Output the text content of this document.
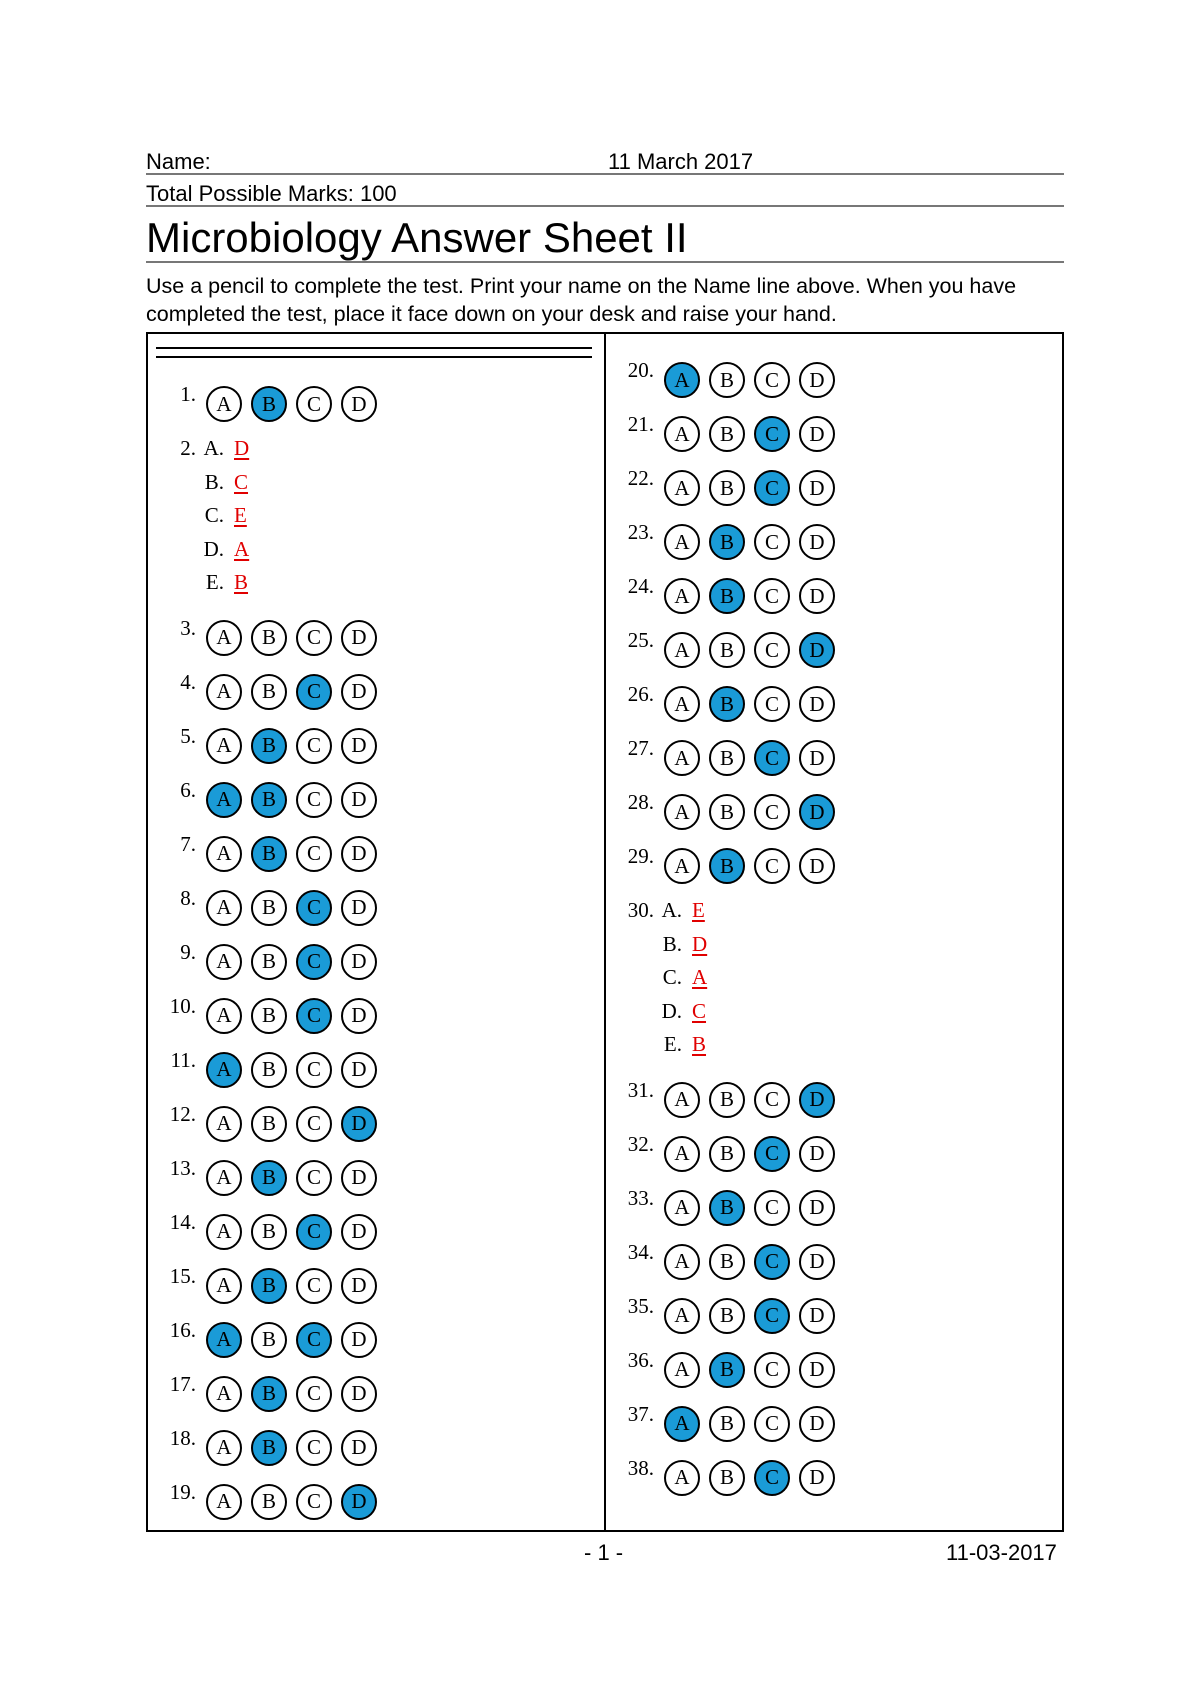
Name:	11 March 2017
Total Possible Marks: 100
Microbiology Answer Sheet II
Use a pencil to complete the test. Print your name on the Name line above. When you have completed the test, place it face down on your desk and raise your hand.
1. A	B	C	D
2. A. D
B. C
C. E
D. A
E. B
3. A	B	C	D
4. A	B	C	D
5. A	B	C	D
6. A	B	C	D
7. A	B	C	D
8. A	B	C	D
9. A	B	C	D
10. A	B	C	D
11. A	B	C	D
12. A	B	C	D
13. A	B	C	D
14. A	B	C	D
15. A	B	C	D
16. A	B	C	D
17. A	B	C	D
18. A	B	C	D
19. A	B	C	D
20. A	B	C	D
21. A	B	C	D
22. A	B	C	D
23. A	B	C	D
24. A	B	C	D
25. A	B	C	D
26. A	B	C	D
27. A	B	C	D
28. A	B	C	D
29. A	B	C	D
30. A. E
B. D
C. A
D. C
E. B
31. A	B	C	D
32. A	B	C	D
33. A	B	C	D
34. A	B	C	D
35. A	B	C	D
36. A	B	C	D
37. A	B	C	D
38. A	B	C	D
- 1 -	11-03-2017
